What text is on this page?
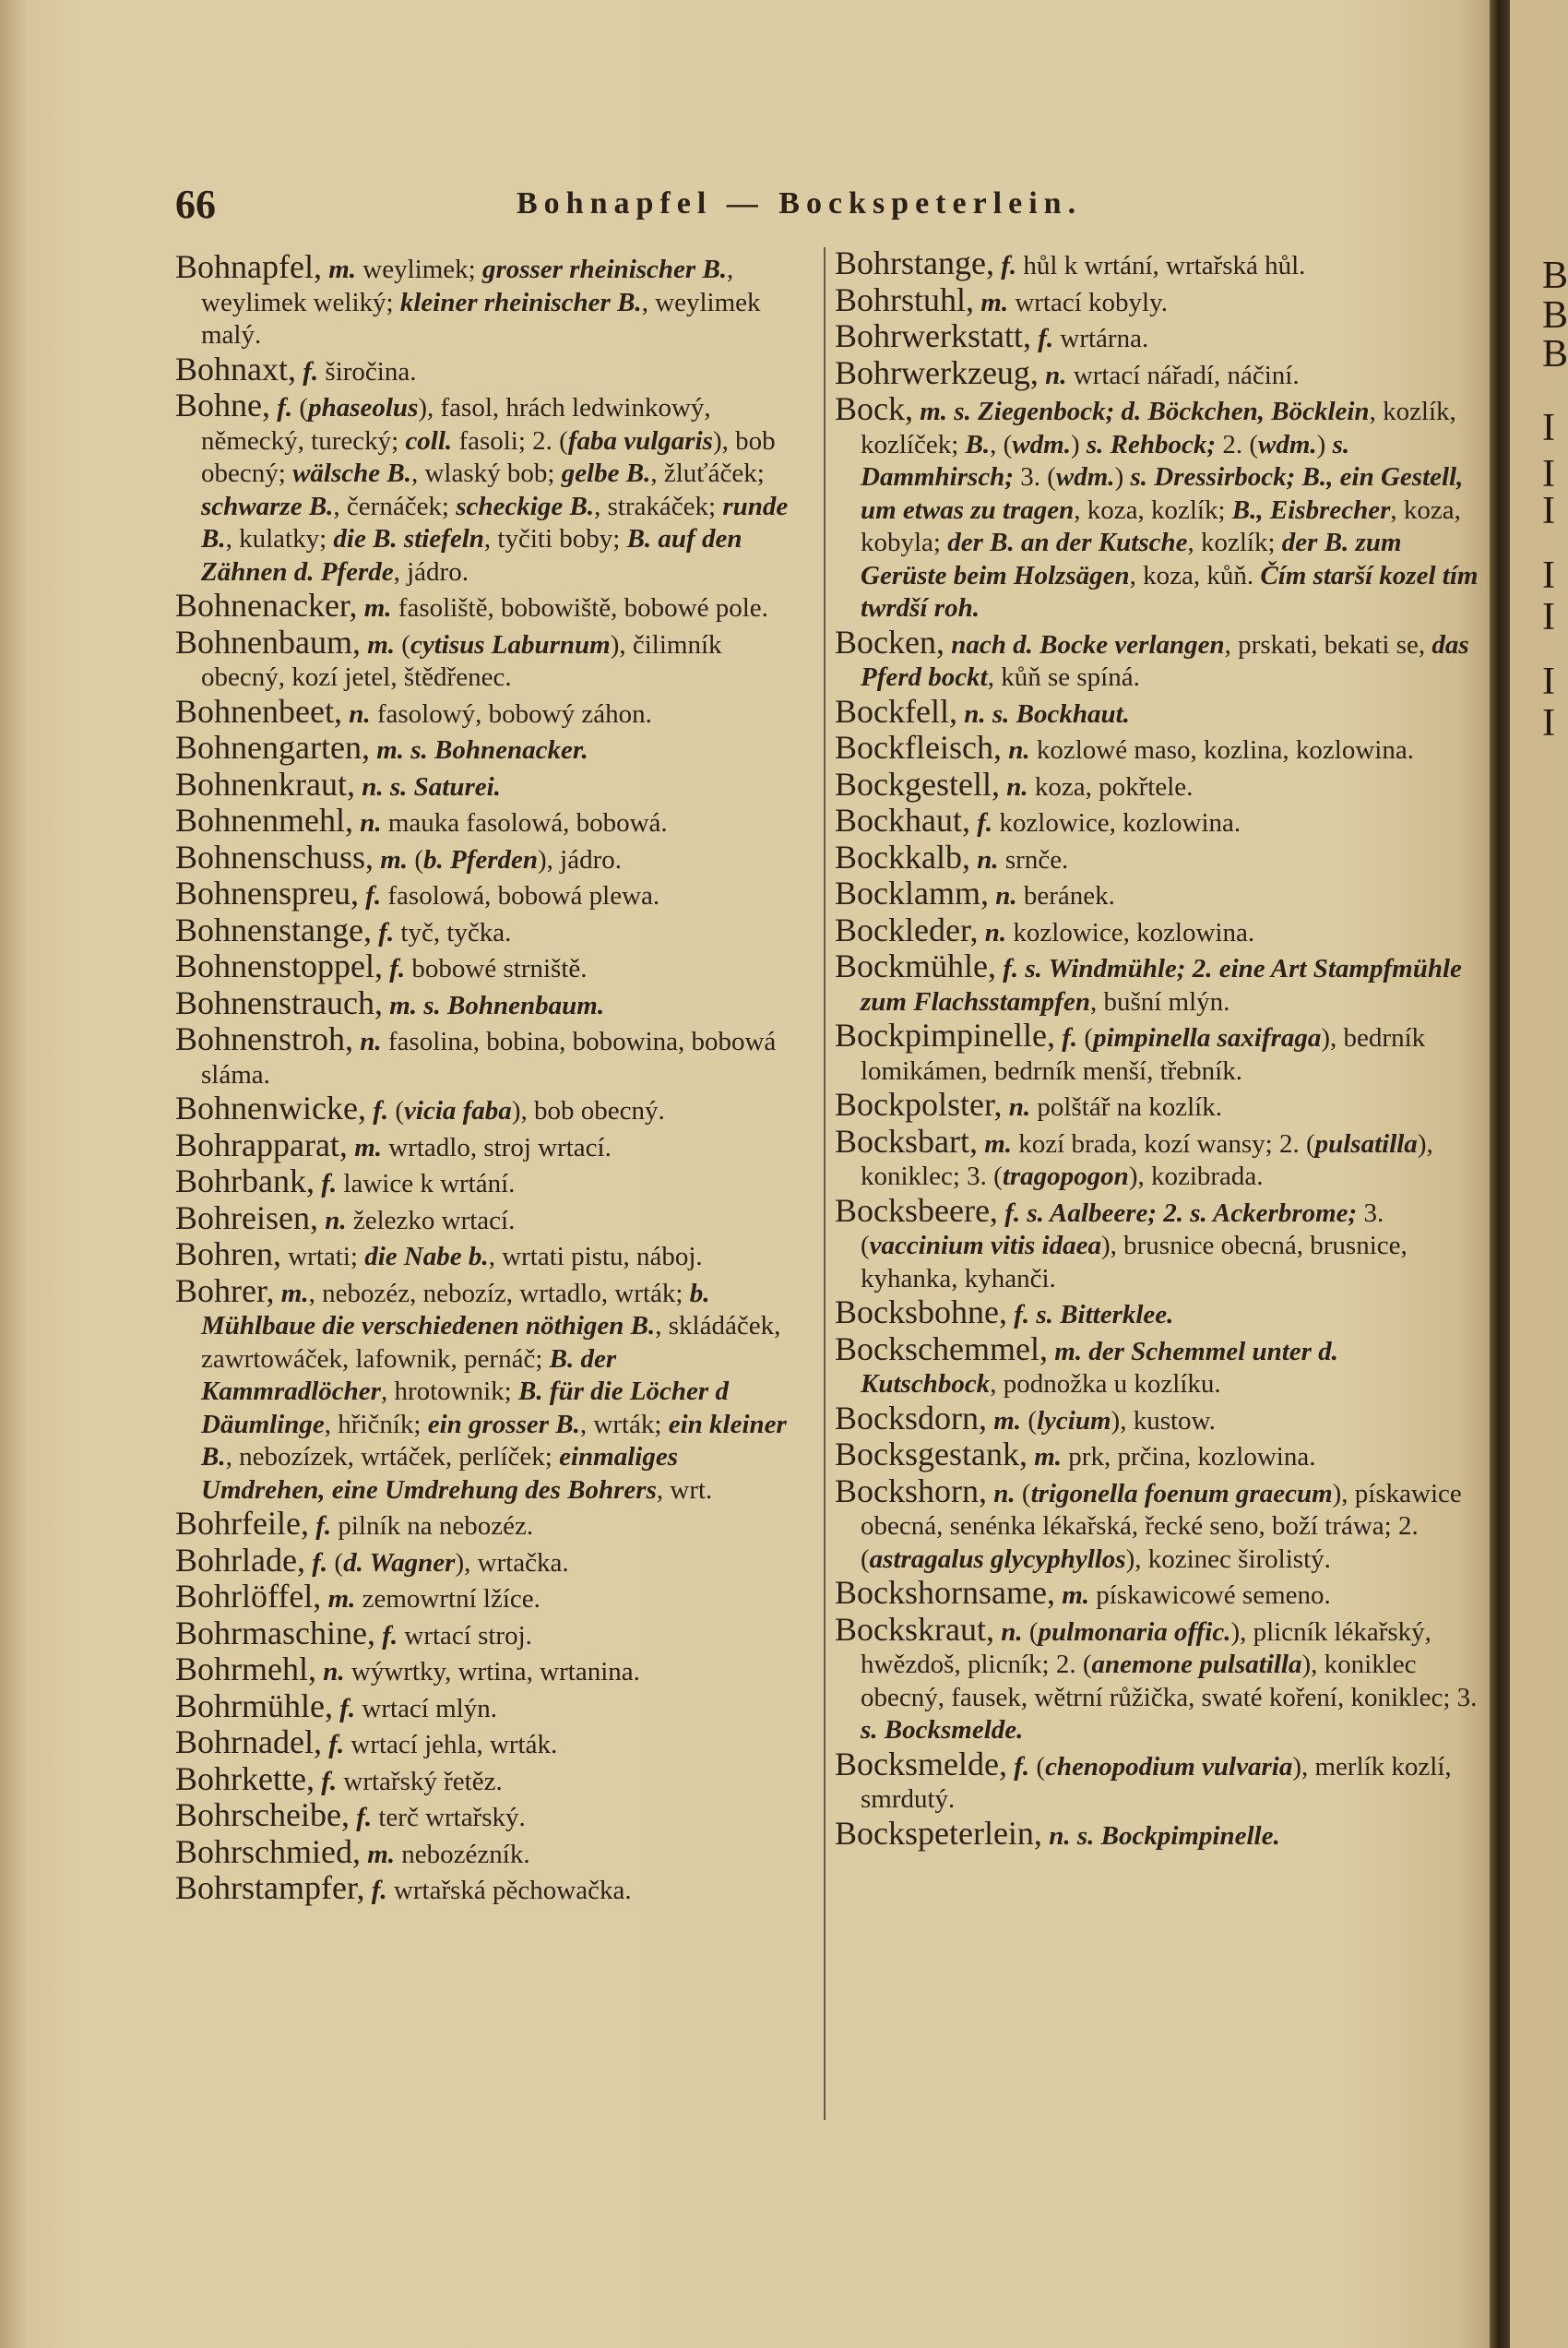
66	Bohnapfel — Bockspeterlein.
Bohnapfel, m. weylimek; grosser rheinischer B., weylimek weliký; kleiner rheinischer B., weylimek malý.
Bohnaxt, f. širočina.
Bohne, f. (phaseolus), fasol, hrách ledwinkowý, německý, turecký; coll. fasoli; 2. (faba vulgaris), bob obecný; wälsche B., wlaský bob; gelbe B., žluťáček; schwarze B., černáček; scheckige B., strakáček; runde B., kulatky; die B. stiefeln, tyčiti boby; B. auf den Zähnen d. Pferde, jádro.
Bohnenacker, m. fasoliště, bobowiště, bobowé pole.
Bohnenbaum, m. (cytisus Laburnum), čilimník obecný, kozí jetel, štědřenec.
Bohnenbeet, n. fasolowý, bobowý záhon.
Bohnengarten, m. s. Bohnenacker.
Bohnenkraut, n. s. Saturei.
Bohnenmehl, n. mauka fasolowá, bobowá.
Bohnenschuss, m. (b. Pferden), jádro.
Bohnenspreu, f. fasolowá, bobowá plewa.
Bohnenstange, f. tyč, tyčka.
Bohnenstoppel, f. bobowé strniště.
Bohnenstrauch, m. s. Bohnenbaum.
Bohnenstroh, n. fasolina, bobina, bobowina, bobowá sláma.
Bohnenwicke, f. (vicia faba), bob obecný.
Bohrapparat, m. wrtadlo, stroj wrtací.
Bohrbank, f. lawice k wrtání.
Bohreisen, n. železko wrtací.
Bohren, wrtati; die Nabe b., wrtati pistu, náboj.
Bohrer, m., nebozéz, nebozíz, wrtadlo, wrták; b. Mühlbaue die verschiedenen nöthigen B., skládáček, zawrtowáček, lafownik, pernáč; B. der Kammradlöcher, hrotownik; B. für die Löcher d Däumlinge, hřičník; ein grosser B., wrták; ein kleiner B., nebozízek, wrtáček, perlíček; einmaliges Umdrehen, eine Umdrehung des Bohrers, wrt.
Bohrfeile, f. pilník na nebozéz.
Bohrlade, f. (d. Wagner), wrtačka.
Bohrlöffel, m. zemowrtní lžíce.
Bohrmaschine, f. wrtací stroj.
Bohrmehl, n. wýwrtky, wrtina, wrtanina.
Bohrmühle, f. wrtací mlýn.
Bohrnadel, f. wrtací jehla, wrták.
Bohrkette, f. wrtařský řetěz.
Bohrscheibe, f. terč wrtařský.
Bohrschmied, m. nebozézník.
Bohrstampfer, f. wrtařská pěchowačka.
Bohrstange, f. hůl k wrtání, wrtařská hůl.
Bohrstuhl, m. wrtací kobyly.
Bohrwerkstatt, f. wrtárna.
Bohrwerkzeug, n. wrtací nářadí, náčiní.
Bock, m. s. Ziegenbock; d. Böckchen, Böcklein, kozlík, kozlíček; B., (wdm.) s. Rehbock; 2. (wdm.) s. Dammhirsch; 3. (wdm.) s. Dressirbock; B., ein Gestell, um etwas zu tragen, koza, kozlík; B., Eisbrecher, koza, kobyla; der B. an der Kutsche, kozlík; der B. zum Gerüste beim Holzsägen, koza, kůň. Čím starší kozel tím twrdší roh.
Bocken, nach d. Bocke verlangen, prskati, bekati se, das Pferd bockt, kůň se spíná.
Bockfell, n. s. Bockhaut.
Bockfleisch, n. kozlowé maso, kozlina, kozlowina.
Bockgestell, n. koza, pokřtele.
Bockhaut, f. kozlowice, kozlowina.
Bockkalb, n. srnče.
Bocklamm, n. beránek.
Bockleder, n. kozlowice, kozlowina.
Bockmühle, f. s. Windmühle; 2. eine Art Stampfmühle zum Flachsstampfen, bušní mlýn.
Bockpimpinelle, f. (pimpinella saxifraga), bedrník lomikámen, bedrník menší, třebník.
Bockpolster, n. polštář na kozlík.
Bocksbart, m. kozí brada, kozí wansy; 2. (pulsatilla), koniklec; 3. (tragopogon), kozibrada.
Bocksbeere, f. s. Aalbeere; 2. s. Ackerbrome; 3. (vaccinium vitis idaea), brusnice obecná, brusnice, kyhanka, kyhanči.
Bocksbohne, f. s. Bitterklee.
Bockschemmel, m. der Schemmel unter d. Kutschbock, podnožka u kozlíku.
Bocksdorn, m. (lycium), kustow.
Bocksgestank, m. prk, prčina, kozlowina.
Bockshorn, n. (trigonella foenum graecum), pískawice obecná, senénka lékařská, řecké seno, boží tráwa; 2. (astragalus glycyphyllos), kozinec širolistý.
Bockshornsame, m. pískawicowé semeno.
Bockskraut, n. (pulmonaria offic.), plicník lékařský, hwězdoš, plicník; 2. (anemone pulsatilla), koniklec obecný, fausek, wětrní růžička, swaté koření, koniklec; 3. s. Bocksmelde.
Bocksmelde, f. (chenopodium vulvaria), merlík kozlí, smrdutý.
Bockspeterlein, n. s. Bockpimpinelle.
B
B
B
I
I
I
I
I
I
I
